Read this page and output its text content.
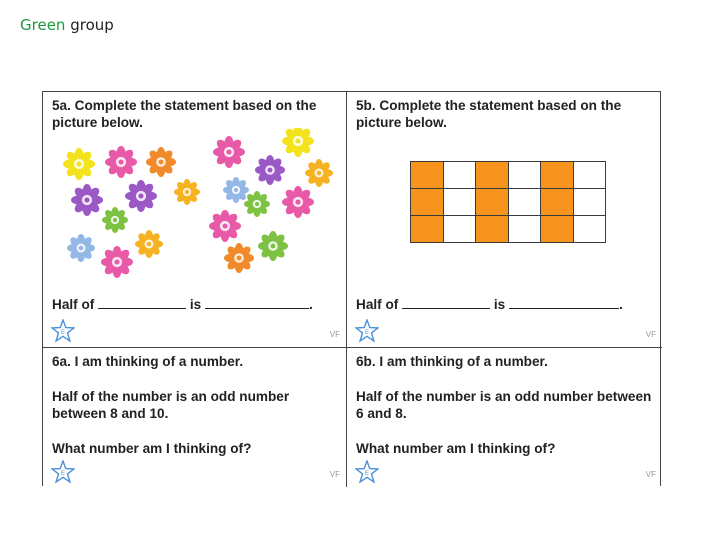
Green group
5a. Complete the statement based on the picture below.
Half of	is	.
E	VF
5b. Complete the statement based on the picture below.

Half of	is	.
E	VF
6a. I am thinking of a number.
Half of the number is an odd number between 8 and 10.
What number am I thinking of?
E	VF
6b. I am thinking of a number.
Half of the number is an odd number between 6 and 8.
What number am I thinking of?
E	VF
